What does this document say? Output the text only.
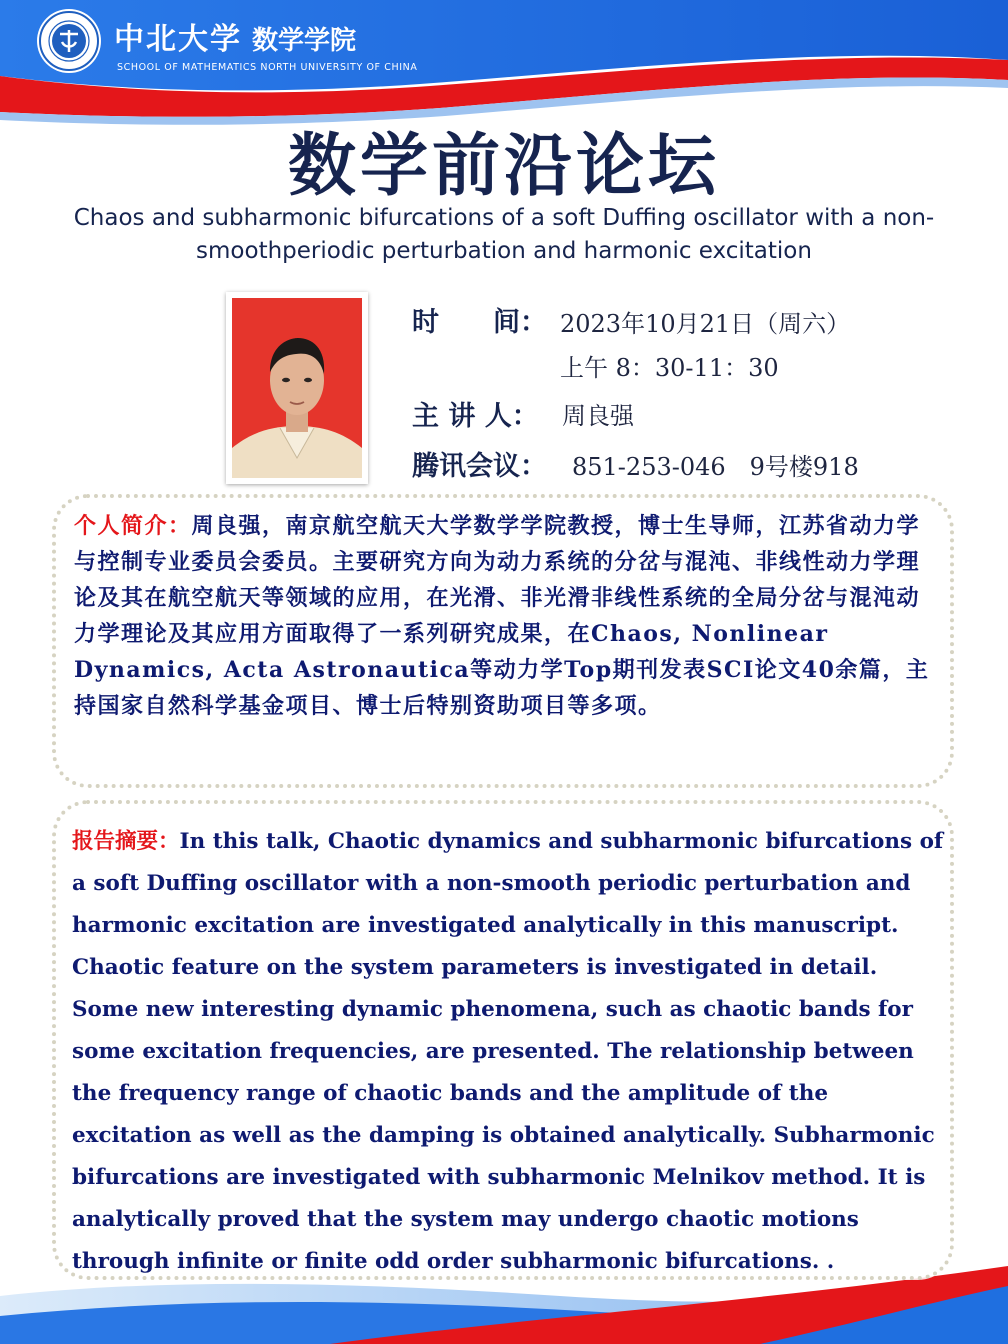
中北大学 数学学院
SCHOOL OF MATHEMATICS NORTH UNIVERSITY OF CHINA
数学前沿论坛
Chaos and subharmonic bifurcations of a soft Duffing oscillator with a non-smoothperiodic perturbation and harmonic excitation
时　　间： 2023年10月21日（周六）
上午 8：30-11：30
主 讲 人： 周良强
腾讯会议： 851-253-046　9号楼918
个人简介：周良强，南京航空航天大学数学学院教授，博士生导师，江苏省动力学与控制专业委员会委员。主要研究方向为动力系统的分岔与混沌、非线性动力学理论及其在航空航天等领域的应用，在光滑、非光滑非线性系统的全局分岔与混沌动力学理论及其应用方面取得了一系列研究成果，在Chaos, Nonlinear Dynamics, Acta Astronautica等动力学Top期刊发表SCI论文40余篇，主持国家自然科学基金项目、博士后特别资助项目等多项。
报告摘要：In this talk, Chaotic dynamics and subharmonic bifurcations of a soft Duffing oscillator with a non-smooth periodic perturbation and harmonic excitation are investigated analytically in this manuscript. Chaotic feature on the system parameters is investigated in detail. Some new interesting dynamic phenomena, such as chaotic bands for some excitation frequencies, are presented. The relationship between the frequency range of chaotic bands and the amplitude of the excitation as well as the damping is obtained analytically. Subharmonic bifurcations are investigated with subharmonic Melnikov method. It is analytically proved that the system may undergo chaotic motions through infinite or finite odd order subharmonic bifurcations. .
